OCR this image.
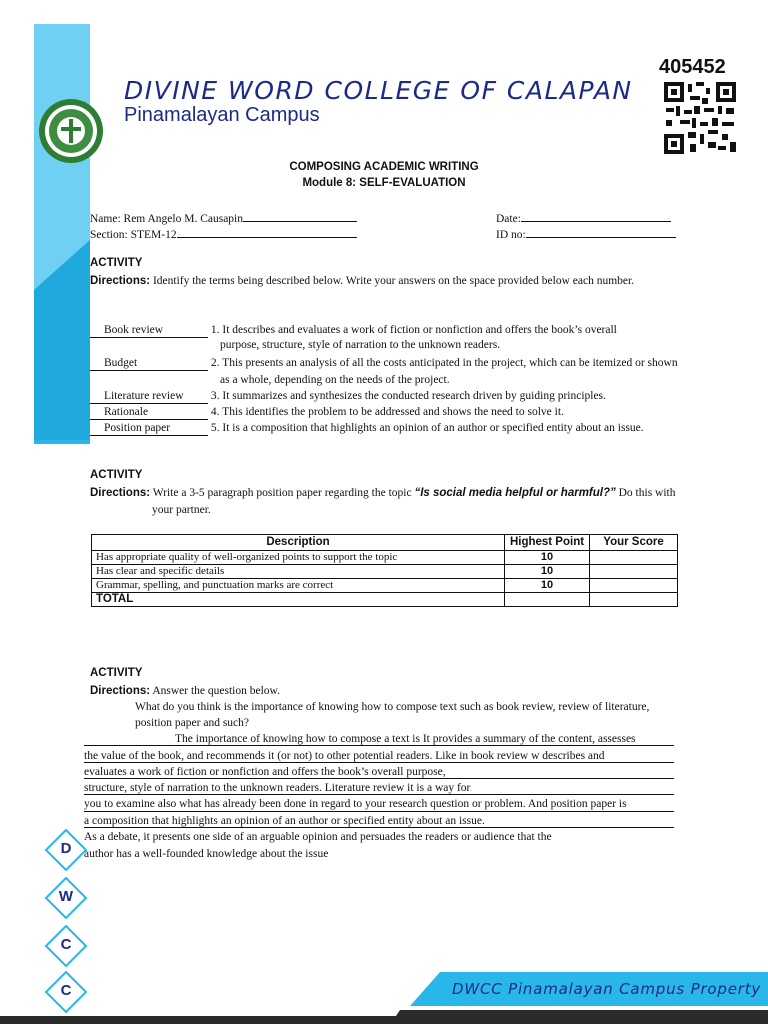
DIVINE WORD COLLEGE OF CALAPAN
Pinamalayan Campus
405452
COMPOSING ACADEMIC WRITING
Module 8: SELF-EVALUATION
Name: Rem Angelo M. Causapin
Section: STEM-12
Date:
ID no:
ACTIVITY
Directions: Identify the terms being described below. Write your answers on the space provided below each number.
Book review	1. It describes and evaluates a work of fiction or nonfiction and offers the book’s overall
purpose, structure, style of narration to the unknown readers.
Budget	2. This presents an analysis of all the costs anticipated in the project, which can be itemized or shown
as a whole, depending on the needs of the project.
Literature review 3. It summarizes and synthesizes the conducted research driven by guiding principles.
Rationale	4. This identifies the problem to be addressed and shows the need to solve it.
Position paper	5. It is a composition that highlights an opinion of an author or specified entity about an issue.
ACTIVITY
Directions: Write a 3-5 paragraph position paper regarding the topic “Is social media helpful or harmful?” Do this with
your partner.
Description	Highest Point	Your Score
Has appropriate quality of well-organized points to support the topic	10	
Has clear and specific details	10	
Grammar, spelling, and punctuation marks are correct	10	
TOTAL		
ACTIVITY
Directions: Answer the question below.
What do you think is the importance of knowing how to compose text such as book review, review of literature,
position paper and such?
The importance of knowing how to compose a text is It provides a summary of the content, assesses
the value of the book, and recommends it (or not) to other potential readers. Like in book review w describes and
evaluates a work of fiction or nonfiction and offers the book’s overall purpose,
structure, style of narration to the unknown readers. Literature review it is a way for
you to examine also what has already been done in regard to your research question or problem. And position paper is
a composition that highlights an opinion of an author or specified entity about an issue.
As a debate, it presents one side of an arguable opinion and persuades the readers or audience that the
author has a well-founded knowledge about the issue
D
W
C
C	DWCC Pinamalayan Campus Property
